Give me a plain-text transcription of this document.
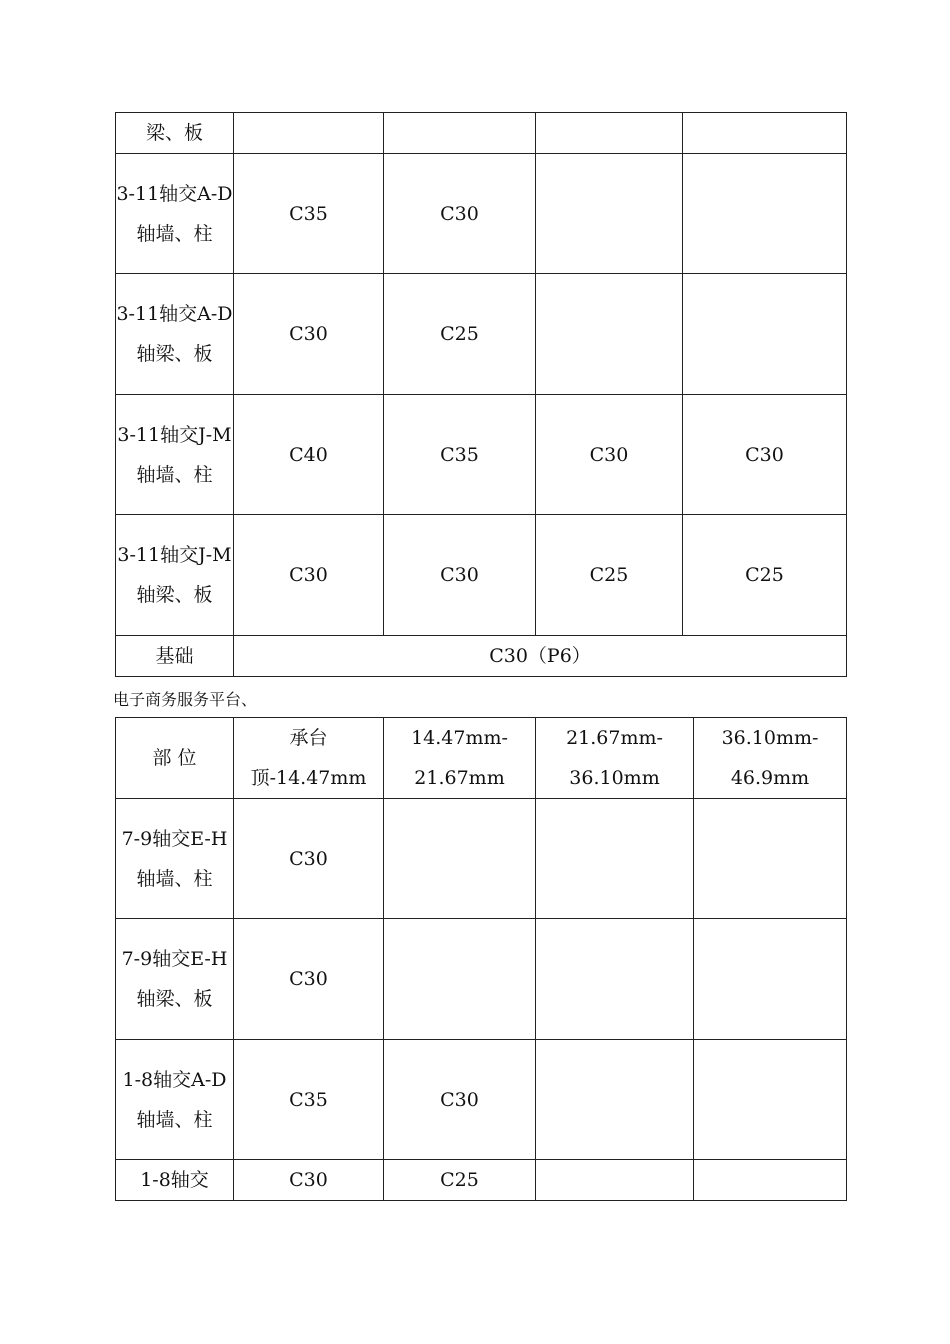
梁、板				
3-11轴交A-D轴墙、柱	C35	C30		
3-11轴交A-D轴梁、板	C30	C25		
3-11轴交J-M轴墙、柱	C40	C35	C30	C30
3-11轴交J-M轴梁、板	C30	C30	C25	C25
基础	C30（P6）			
电子商务服务平台、
部 位	承台顶-14.47mm	14.47mm-21.67mm	21.67mm-36.10mm	36.10mm-46.9mm
7-9轴交E-H轴墙、柱	C30			
7-9轴交E-H轴梁、板	C30			
1-8轴交A-D轴墙、柱	C35	C30		
1-8轴交	C30	C25		
